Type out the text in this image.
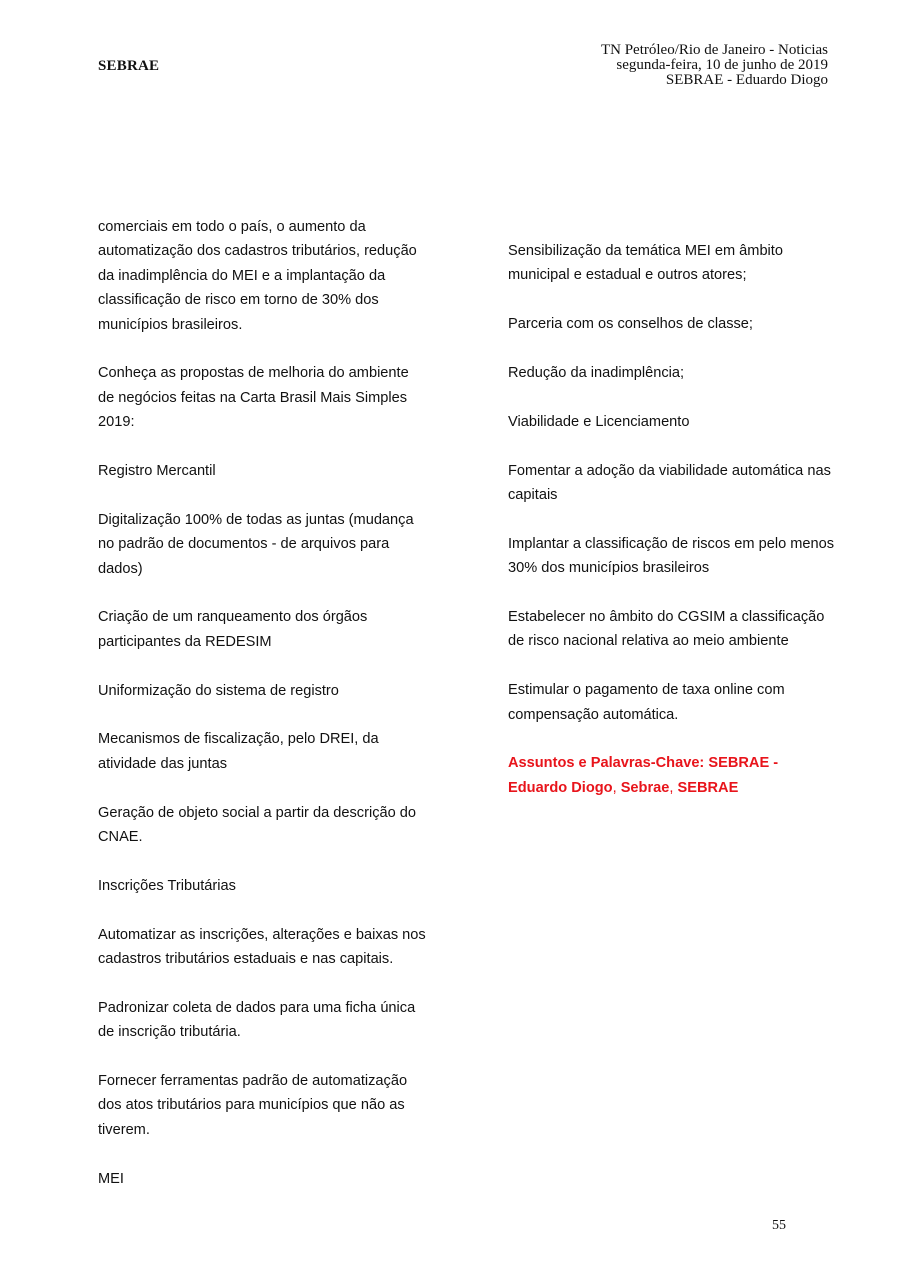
SEBRAE
TN Petróleo/Rio de Janeiro - Noticias
segunda-feira, 10 de junho de 2019
SEBRAE - Eduardo Diogo

comerciais em todo o país, o aumento da automatização dos cadastros tributários, redução da inadimplência do MEI e a implantação da classificação de risco em torno de 30% dos municípios brasileiros.

Conheça as propostas de melhoria do ambiente de negócios feitas na Carta Brasil Mais Simples 2019:

Registro Mercantil

Digitalização 100% de todas as juntas (mudança no padrão de documentos - de arquivos para dados)

Criação de um ranqueamento dos órgãos participantes da REDESIM

Uniformização do sistema de registro

Mecanismos de fiscalização, pelo DREI, da atividade das juntas

Geração de objeto social a partir da descrição do CNAE.

Inscrições Tributárias

Automatizar as inscrições, alterações e baixas nos cadastros tributários estaduais e nas capitais.

Padronizar coleta de dados para uma ficha única de inscrição tributária.

Fornecer ferramentas padrão de automatização dos atos tributários para municípios que não as tiverem.

MEI

Sensibilização da temática MEI em âmbito municipal e estadual e outros atores;

Parceria com os conselhos de classe;

Redução da inadimplência;

Viabilidade e Licenciamento

Fomentar a adoção da viabilidade automática nas capitais

Implantar a classificação de riscos em pelo menos 30% dos municípios brasileiros

Estabelecer no âmbito do CGSIM a classificação de risco nacional relativa ao meio ambiente

Estimular o pagamento de taxa online com compensação automática.

Assuntos e Palavras-Chave: SEBRAE - Eduardo Diogo, Sebrae, SEBRAE

55
